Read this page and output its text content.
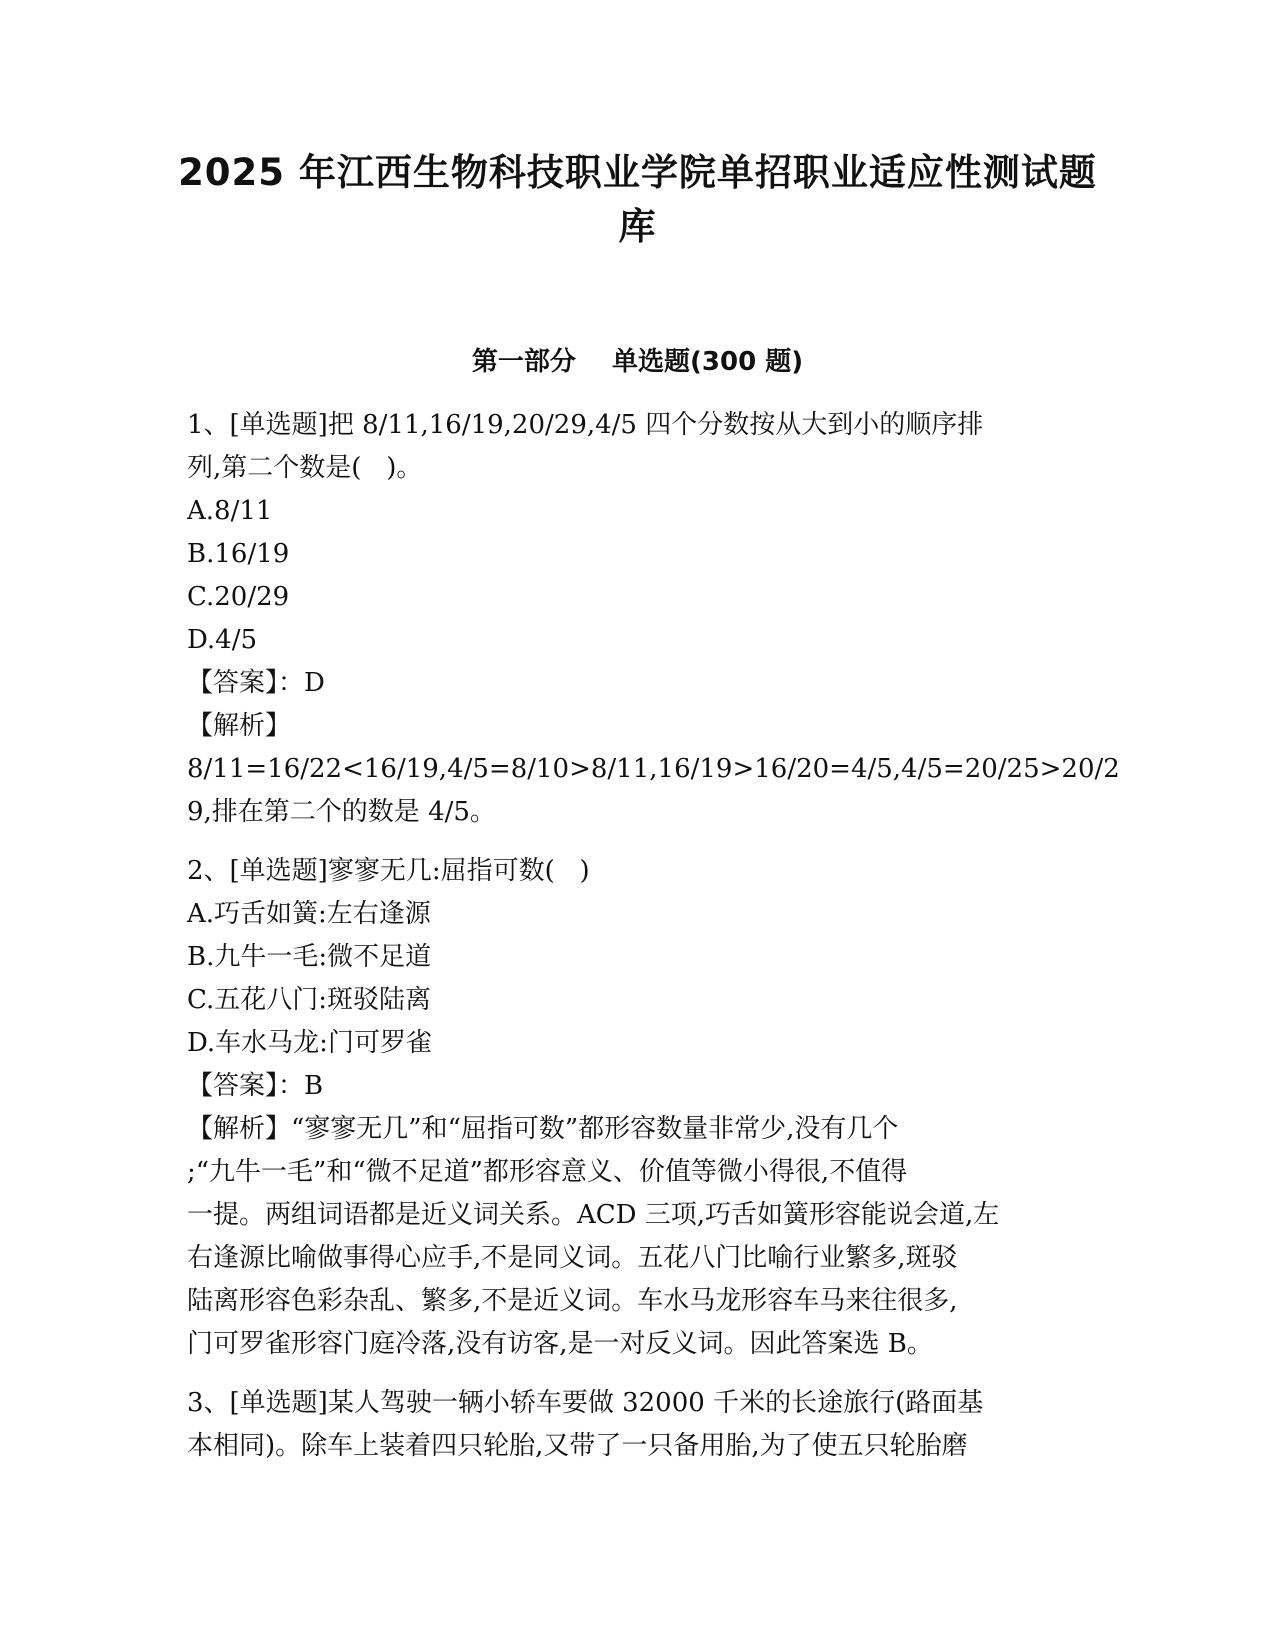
2025 年江西生物科技职业学院单招职业适应性测试题
库
第一部分    单选题(300 题)
1、[单选题]把 8/11,16/19,20/29,4/5 四个分数按从大到小的顺序排
列,第二个数是(   )。
A.8/11
B.16/19
C.20/29
D.4/5
【答案】：D
【解析】
8/11=16/22<16/19,4/5=8/10>8/11,16/19>16/20=4/5,4/5=20/25>20/2
9,排在第二个的数是 4/5。
2、[单选题]寥寥无几:屈指可数(   )
A.巧舌如簧:左右逢源
B.九牛一毛:微不足道
C.五花八门:斑驳陆离
D.车水马龙:门可罗雀
【答案】：B
【解析】“寥寥无几”和“屈指可数”都形容数量非常少,没有几个
;“九牛一毛”和“微不足道”都形容意义、价值等微小得很,不值得
一提。两组词语都是近义词关系。ACD 三项,巧舌如簧形容能说会道,左
右逢源比喻做事得心应手,不是同义词。五花八门比喻行业繁多,斑驳
陆离形容色彩杂乱、繁多,不是近义词。车水马龙形容车马来往很多,
门可罗雀形容门庭冷落,没有访客,是一对反义词。因此答案选 B。
3、[单选题]某人驾驶一辆小轿车要做 32000 千米的长途旅行(路面基
本相同)。除车上装着四只轮胎,又带了一只备用胎,为了使五只轮胎磨
